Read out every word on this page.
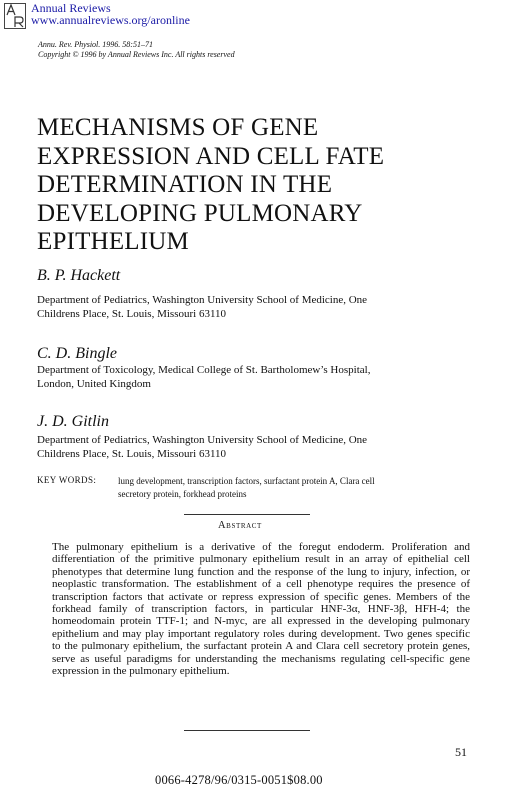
Annual Reviews
www.annualreviews.org/aronline
Annu. Rev. Physiol. 1996. 58:51–71
Copyright © 1996 by Annual Reviews Inc. All rights reserved
MECHANISMS OF GENE
EXPRESSION AND CELL FATE
DETERMINATION IN THE
DEVELOPING PULMONARY
EPITHELIUM
B. P. Hackett
Department of Pediatrics, Washington University School of Medicine, One
Childrens Place, St. Louis, Missouri 63110
C. D. Bingle
Department of Toxicology, Medical College of St. Bartholomew’s Hospital,
London, United Kingdom
J. D. Gitlin
Department of Pediatrics, Washington University School of Medicine, One
Childrens Place, St. Louis, Missouri 63110
KEY WORDS: lung development, transcription factors, surfactant protein A, Clara cell
secretory protein, forkhead proteins
Abstract

The pulmonary epithelium is a derivative of the foregut endoderm. Proliferation and differentiation of the primitive pulmonary epithelium result in an array of epithelial cell phenotypes that determine lung function and the response of the lung to injury, infection, or neoplastic transformation. The establishment of a cell phenotype requires the presence of transcription factors that activate or repress expression of specific genes. Members of the forkhead family of transcription factors, in particular HNF-3α, HNF-3β, HFH-4; the homeodomain protein TTF-1; and N-myc, are all expressed in the developing pulmonary epithelium and may play important regulatory roles during development. Two genes specific to the pulmonary epithelium, the surfactant protein A and Clara cell secretory protein genes, serve as useful paradigms for understanding the mechanisms regulating cell-specific gene expression in the pulmonary epithelium.

51
0066-4278/96/0315-0051$08.00
